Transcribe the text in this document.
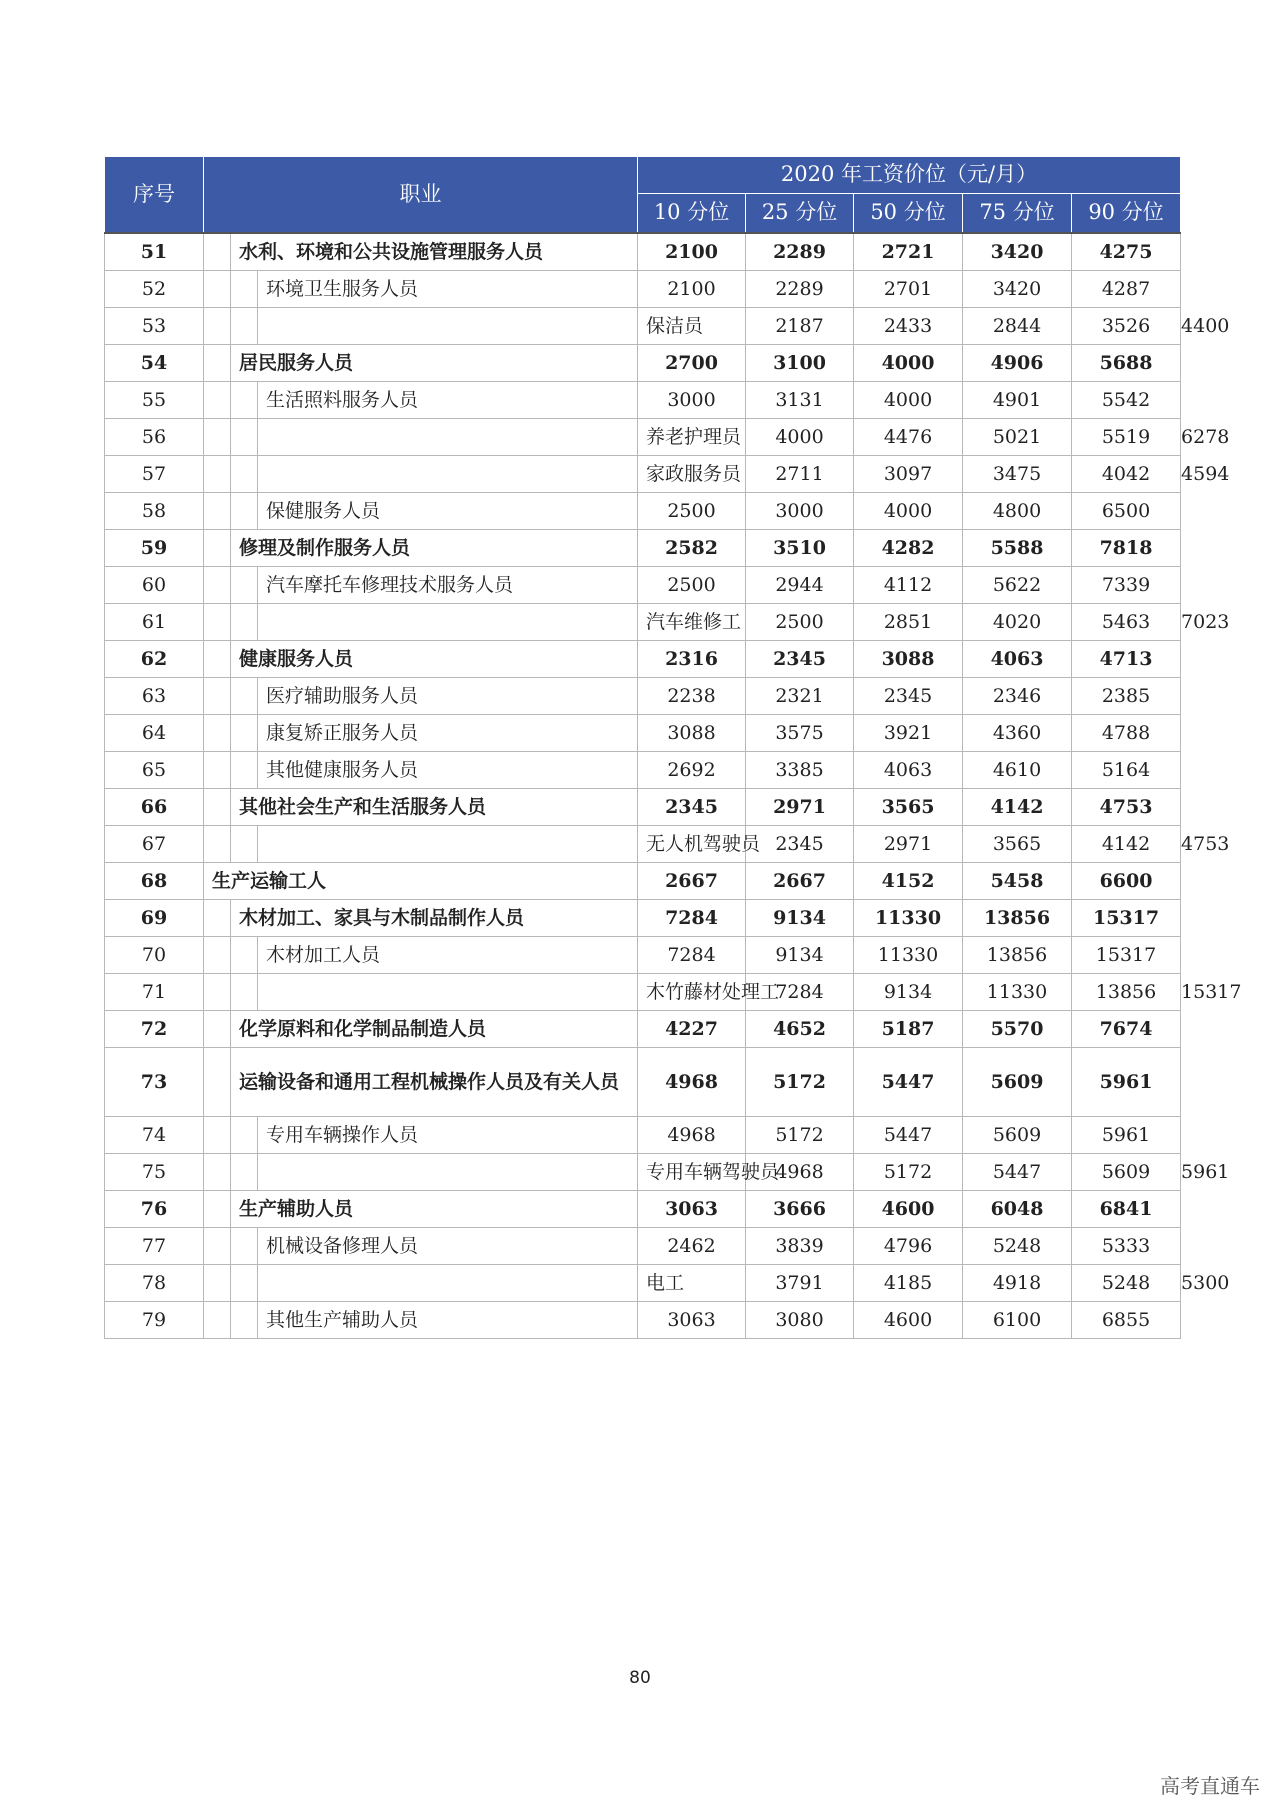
序号	职业			2020 年工资价位（元/月）					
				10 分位	25 分位	50 分位	75 分位	90 分位	
51		水利、环境和公共设施管理服务人员		2100	2289	2721	3420	4275	
52			环境卫生服务人员	2100	2289	2701	3420	4287	
53				保洁员	2187	2433	2844	3526	4400
54		居民服务人员		2700	3100	4000	4906	5688	
55			生活照料服务人员	3000	3131	4000	4901	5542	
56				养老护理员	4000	4476	5021	5519	6278
57				家政服务员	2711	3097	3475	4042	4594
58			保健服务人员	2500	3000	4000	4800	6500	
59		修理及制作服务人员		2582	3510	4282	5588	7818	
60			汽车摩托车修理技术服务人员	2500	2944	4112	5622	7339	
61				汽车维修工	2500	2851	4020	5463	7023
62		健康服务人员		2316	2345	3088	4063	4713	
63			医疗辅助服务人员	2238	2321	2345	2346	2385	
64			康复矫正服务人员	3088	3575	3921	4360	4788	
65			其他健康服务人员	2692	3385	4063	4610	5164	
66		其他社会生产和生活服务人员		2345	2971	3565	4142	4753	
67				无人机驾驶员	2345	2971	3565	4142	4753
68	生产运输工人			2667	2667	4152	5458	6600	
69		木材加工、家具与木制品制作人员		7284	9134	11330	13856	15317	
70			木材加工人员	7284	9134	11330	13856	15317	
71				木竹藤材处理工	7284	9134	11330	13856	15317
72		化学原料和化学制品制造人员		4227	4652	5187	5570	7674	
73		运输设备和通用工程机械操作人员及有关人员		4968	5172	5447	5609	5961	
74			专用车辆操作人员	4968	5172	5447	5609	5961	
75				专用车辆驾驶员	4968	5172	5447	5609	5961
76		生产辅助人员		3063	3666	4600	6048	6841	
77			机械设备修理人员	2462	3839	4796	5248	5333	
78				电工	3791	4185	4918	5248	5300
79			其他生产辅助人员	3063	3080	4600	6100	6855	
80
高考直通车
